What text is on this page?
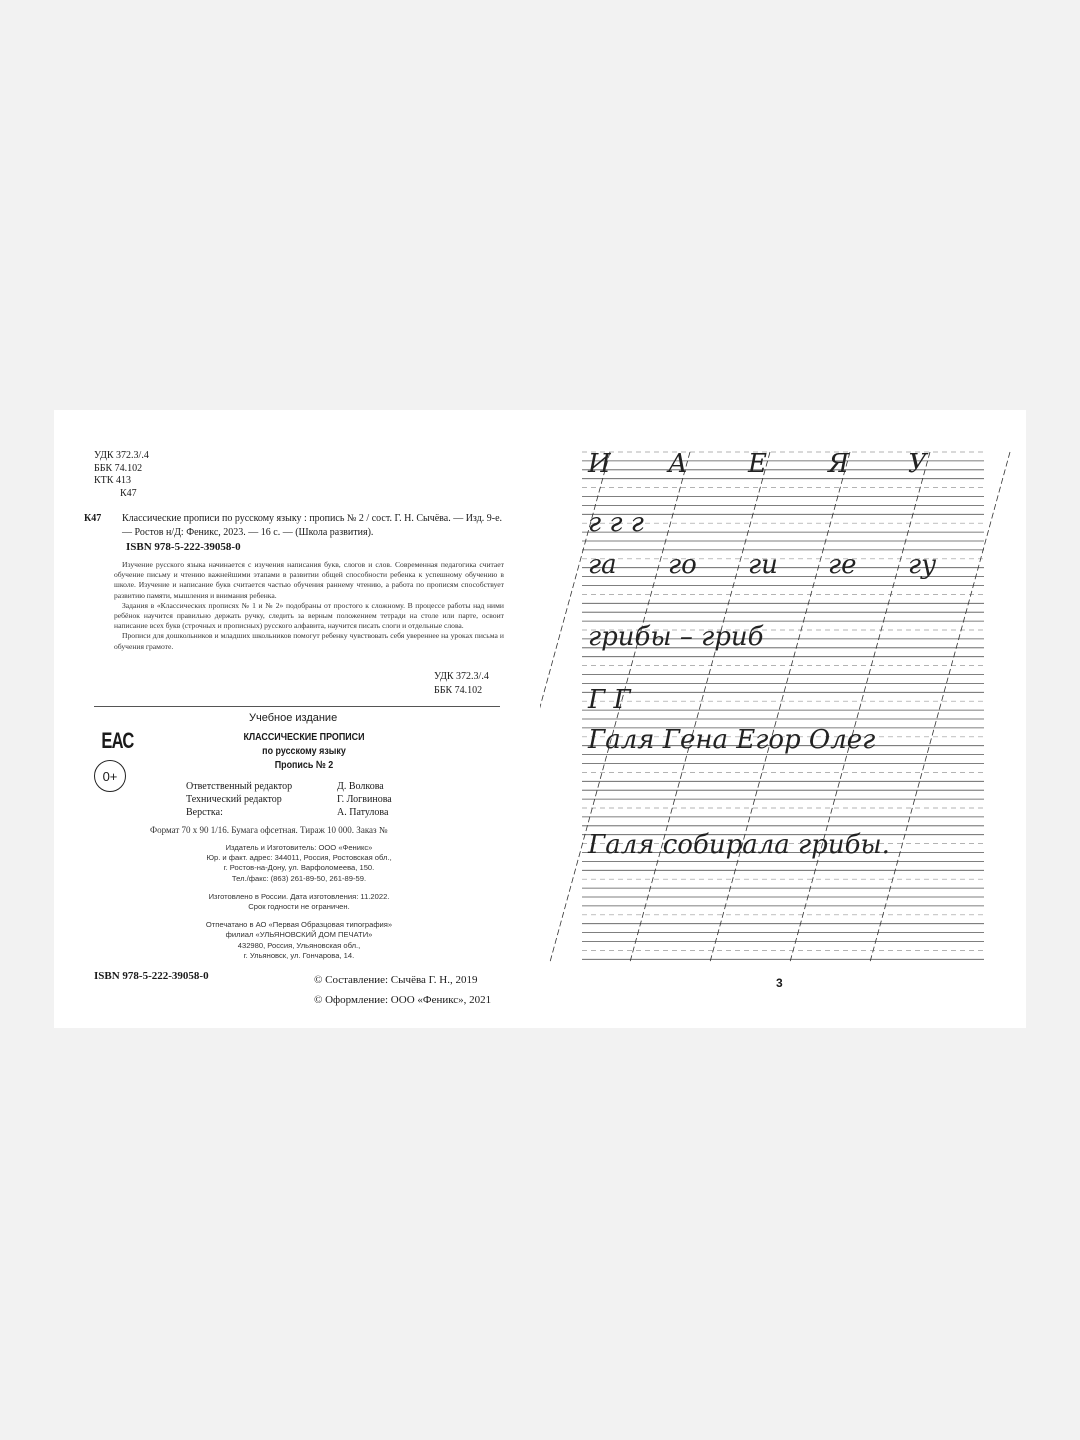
УДК 372.3/.4
ББК 74.102
КТК 413
К47
К47 Классические прописи по русскому языку : пропись № 2 / сост. Г. Н. Сычёва. — Изд. 9-е. — Ростов н/Д: Феникс, 2023. — 16 с. — (Школа развития).
ISBN 978-5-222-39058-0

Изучение русского языка начинается с изучения написания букв, слогов и слов. Современная педагогика считает обучение письму и чтению важнейшими этапами в развитии общей способности ребенка к успешному обучению в школе. Изучение и написание букв считается частью обучения раннему чтению, а работа по прописям способствует развитию памяти, мышления и внимания ребенка.

Задания в «Классических прописях № 1 и № 2» подобраны от простого к сложному. В процессе работы над ними ребёнок научится правильно держать ручку, следить за верным положением тетради на столе или парте, освоит написание всех букв (строчных и прописных) русского алфавита, научится писать слоги и отдельные слова.

Прописи для дошкольников и младших школьников помогут ребенку чувствовать себя увереннее на уроках письма и обучения грамоте.

УДК 372.3/.4
ББК 74.102
Учебное издание
ЕАС
0+
КЛАССИЧЕСКИЕ ПРОПИСИ
по русскому языку
Пропись № 2
Ответственный редактор	Д. Волкова
Технический редактор	Г. Логвинова
Верстка:	А. Патулова
Формат 70 x 90 1/16. Бумага офсетная. Тираж 10 000. Заказ №
Издатель и Изготовитель: ООО «Феникс»
Юр. и факт. адрес: 344011, Россия, Ростовская обл.,
г. Ростов-на-Дону, ул. Варфоломеева, 150.
Тел./факс: (863) 261-89-50, 261-89-59.
Изготовлено в России. Дата изготовления: 11.2022.
Срок годности не ограничен.
Отпечатано в АО «Первая Образцовая типография»
филиал «УЛЬЯНОВСКИЙ ДОМ ПЕЧАТИ»
432980, Россия, Ульяновская обл.,
г. Ульяновск, ул. Гончарова, 14.
ISBN 978-5-222-39058-0	© Составление: Сычёва Г. Н., 2019
© Оформление: ООО «Феникс», 2021
И А Е Я У
г г г
га го ги ге гу
грибы – гриб
Г Г
Галя Гена Егор Олег
Галя собирала грибы.
3
